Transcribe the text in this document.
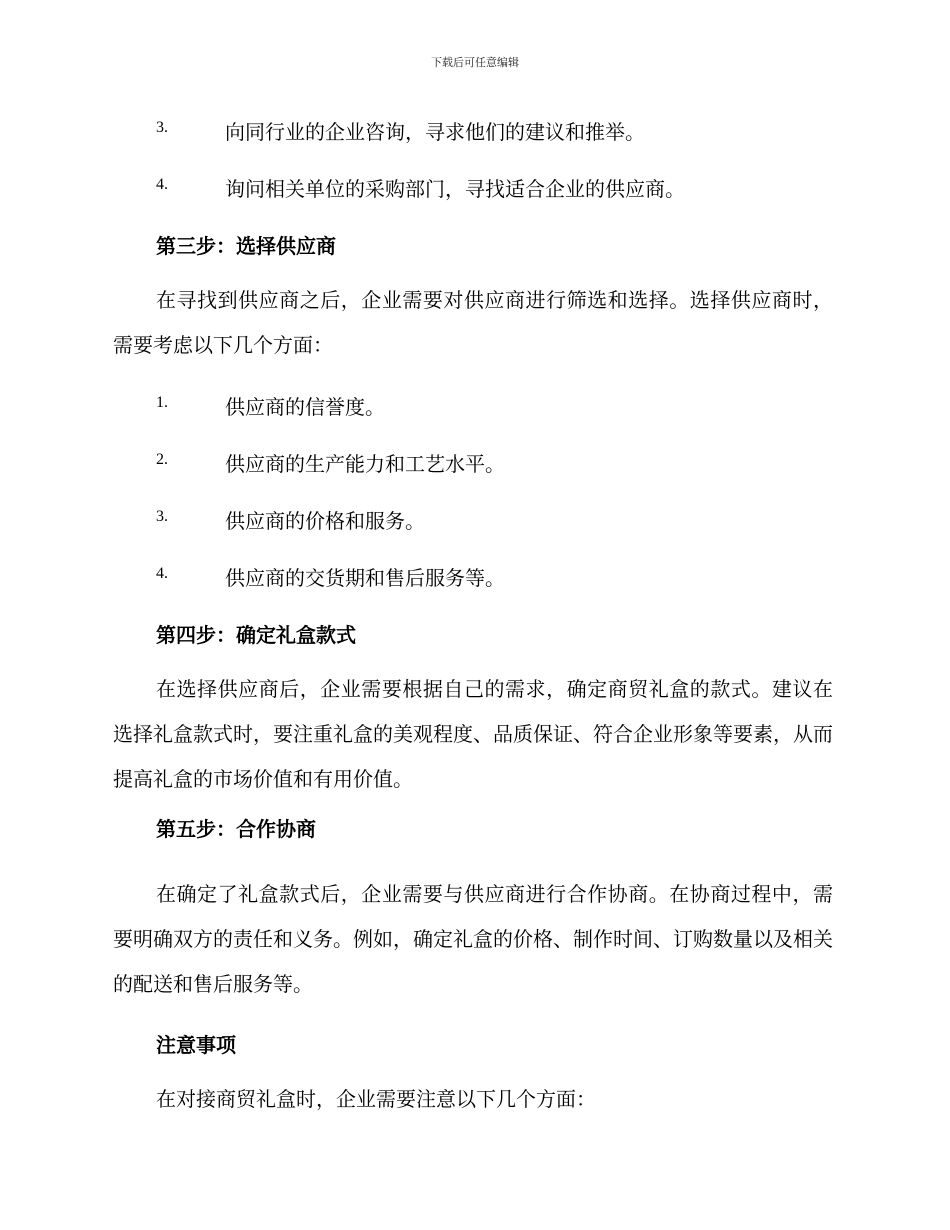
下载后可任意编辑
3.	向同行业的企业咨询，寻求他们的建议和推举。
4.	询问相关单位的采购部门，寻找适合企业的供应商。
第三步：选择供应商
在寻找到供应商之后，企业需要对供应商进行筛选和选择。选择供应商时，需要考虑以下几个方面：
1.	供应商的信誉度。
2.	供应商的生产能力和工艺水平。
3.	供应商的价格和服务。
4.	供应商的交货期和售后服务等。
第四步：确定礼盒款式
在选择供应商后，企业需要根据自己的需求，确定商贸礼盒的款式。建议在选择礼盒款式时，要注重礼盒的美观程度、品质保证、符合企业形象等要素，从而提高礼盒的市场价值和有用价值。
第五步：合作协商
在确定了礼盒款式后，企业需要与供应商进行合作协商。在协商过程中，需要明确双方的责任和义务。例如，确定礼盒的价格、制作时间、订购数量以及相关的配送和售后服务等。
注意事项
在对接商贸礼盒时，企业需要注意以下几个方面：
